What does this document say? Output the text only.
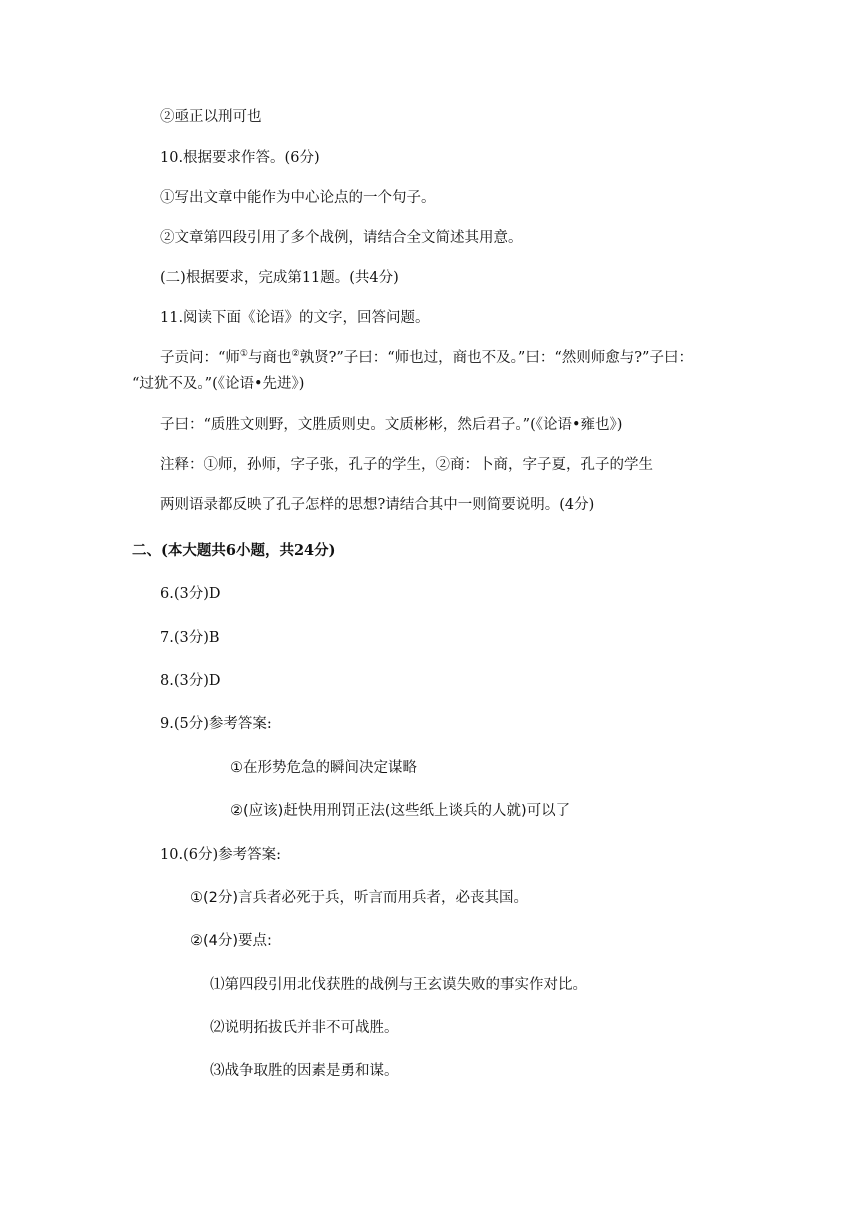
②亟正以刑可也
10.根据要求作答。(6分)
①写出文章中能作为中心论点的一个句子。
②文章第四段引用了多个战例，请结合全文简述其用意。
(二)根据要求，完成第11题。(共4分)
11.阅读下面《论语》的文字，回答问题。
子贡问：“师①与商也②孰贤?”子曰：“师也过，商也不及。”曰：“然则师愈与?”子曰：
“过犹不及。”(《论语•先进》)
子曰：“质胜文则野，文胜质则史。文质彬彬，然后君子。”(《论语•雍也》)
注释：①师，孙师，字子张，孔子的学生，②商：卜商，字子夏，孔子的学生
两则语录都反映了孔子怎样的思想?请结合其中一则简要说明。(4分)
二、(本大题共6小题，共24分)
6.(3分)D
7.(3分)B
8.(3分)D
9.(5分)参考答案:
①在形势危急的瞬间决定谋略
②(应该)赶快用刑罚正法(这些纸上谈兵的人就)可以了
10.(6分)参考答案:
①(2分)言兵者必死于兵，听言而用兵者，必丧其国。
②(4分)要点:
⑴第四段引用北伐获胜的战例与王玄谟失败的事实作对比。
⑵说明拓拔氏并非不可战胜。
⑶战争取胜的因素是勇和谋。
